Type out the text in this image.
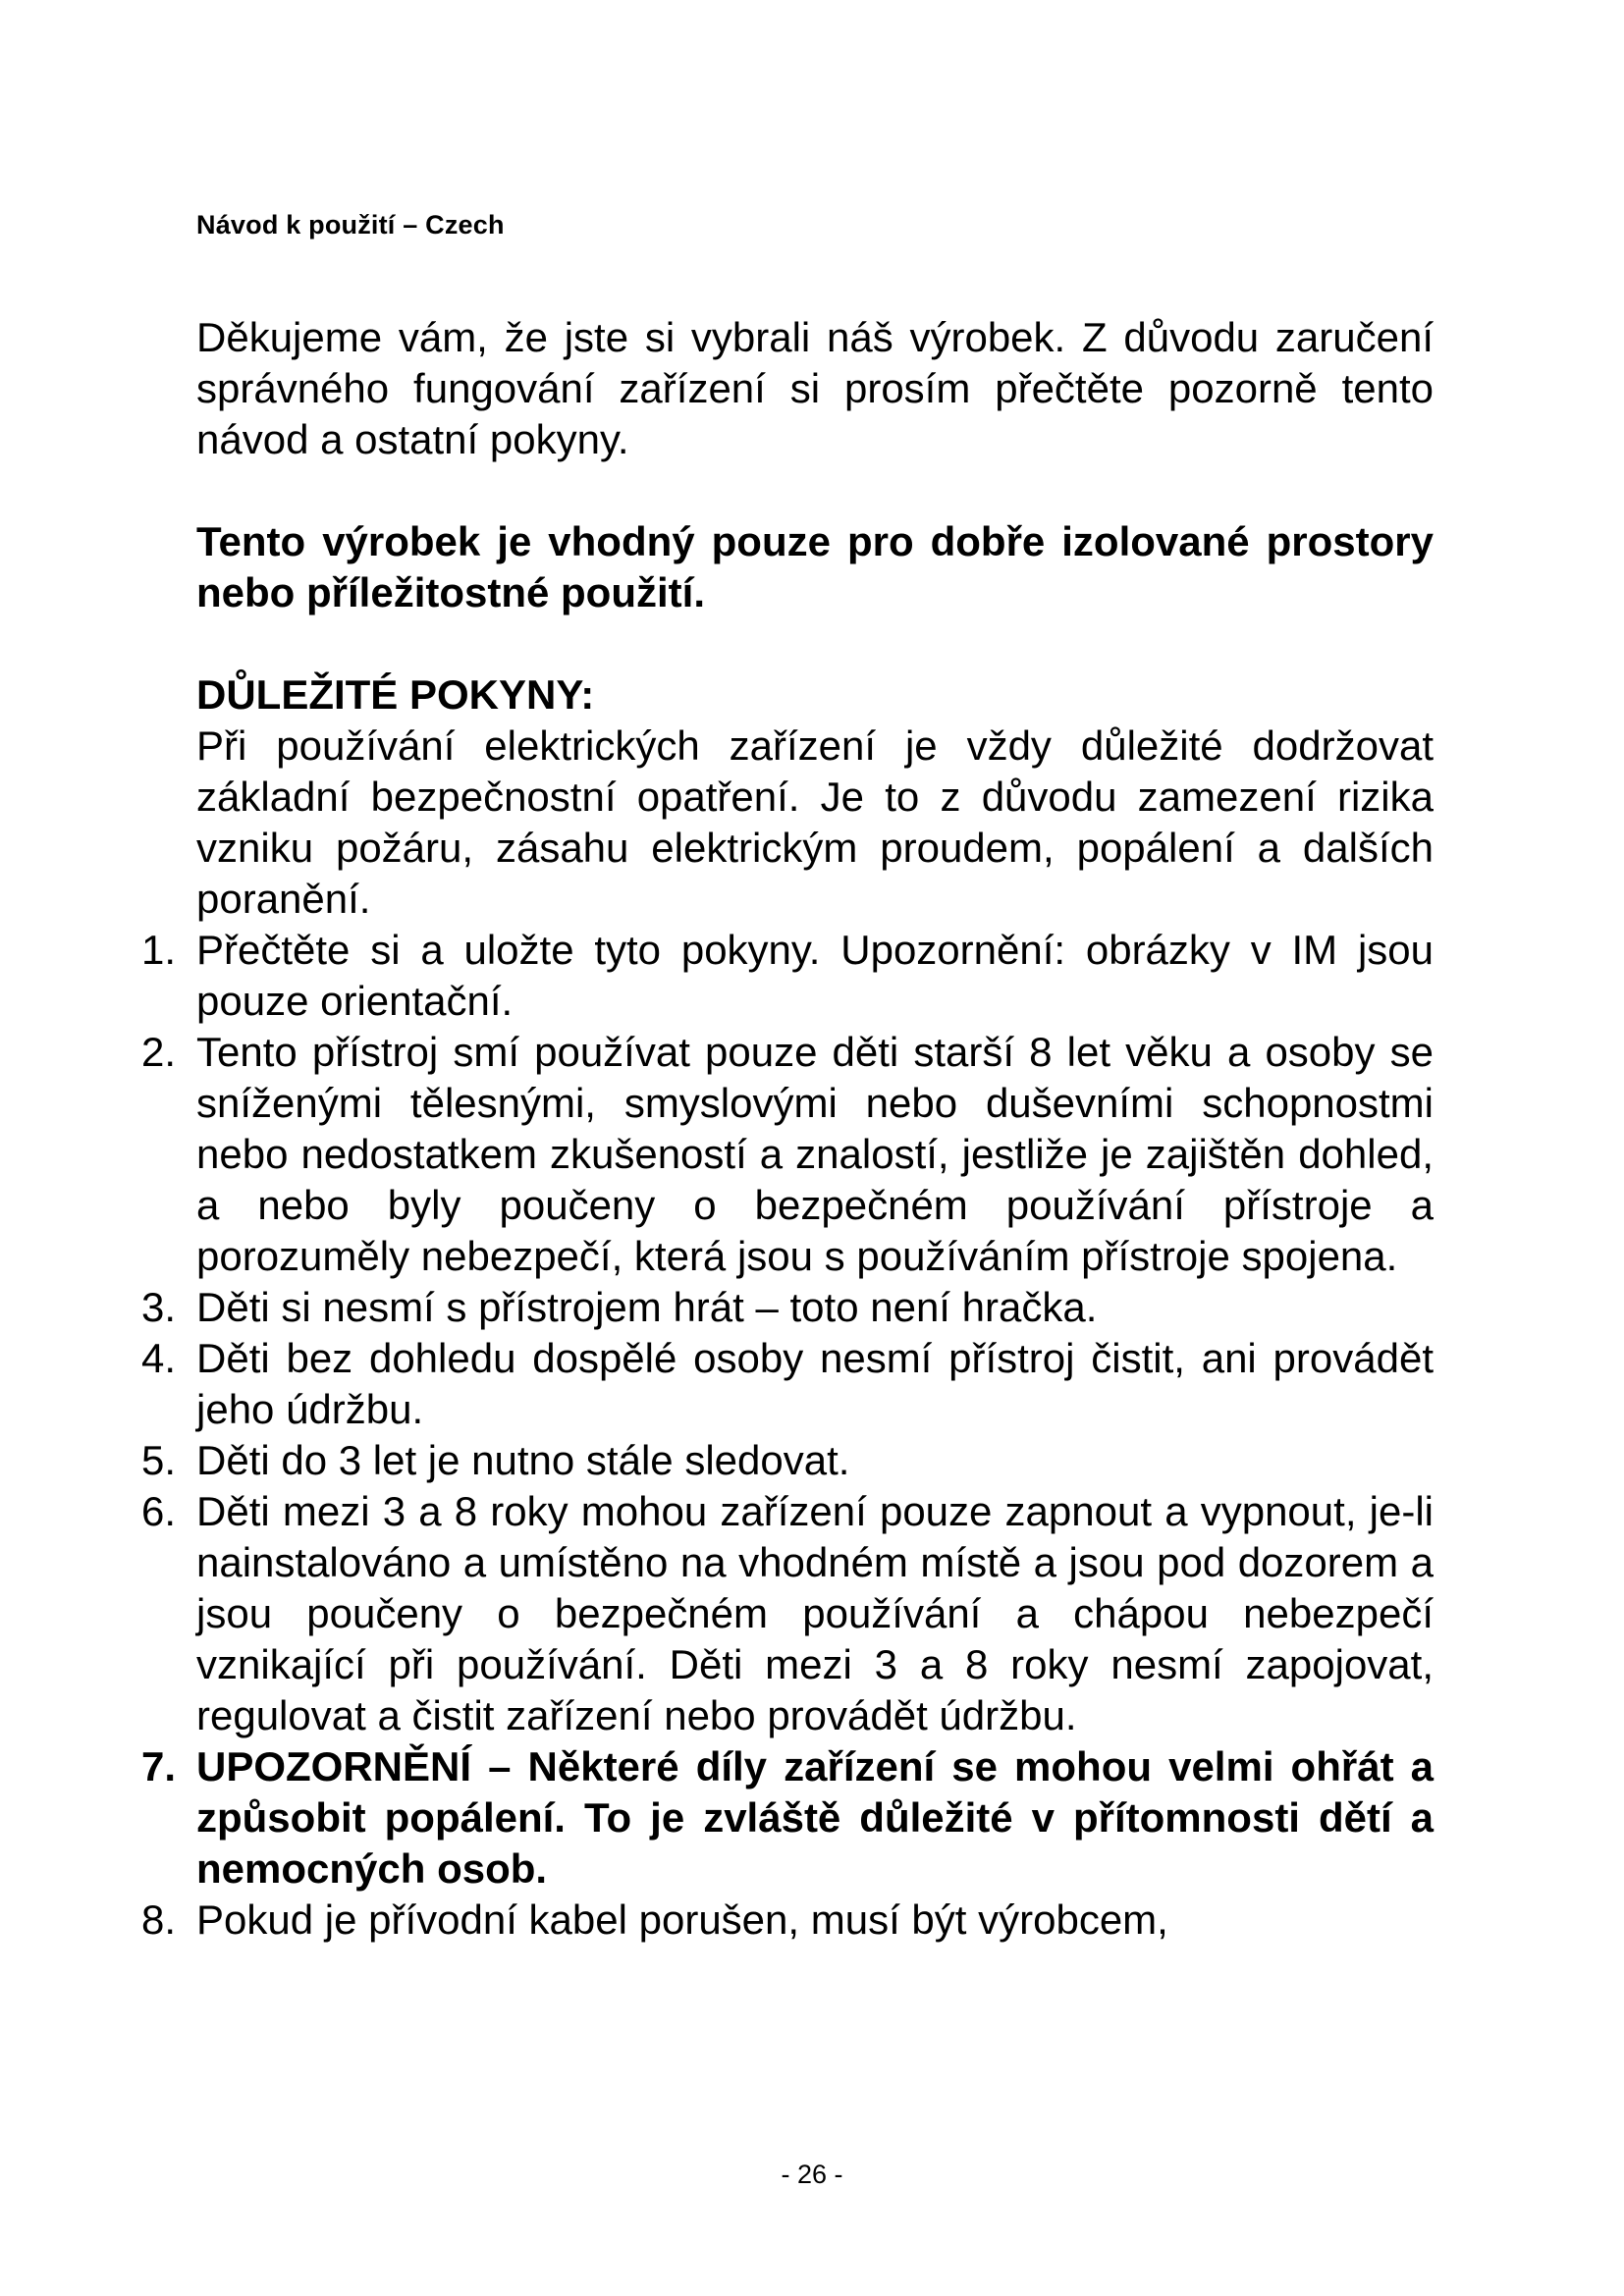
Návod k použití – Czech

Děkujeme vám, že jste si vybrali náš výrobek. Z důvodu zaručení správného fungování zařízení si prosím přečtěte pozorně tento návod a ostatní pokyny.

Tento výrobek je vhodný pouze pro dobře izolované prostory nebo příležitostné použití.

DŮLEŽITÉ POKYNY:

Při používání elektrických zařízení je vždy důležité dodržovat základní bezpečnostní opatření. Je to z důvodu zamezení rizika vzniku požáru, zásahu elektrickým proudem, popálení a dalších poranění.

1. Přečtěte si a uložte tyto pokyny. Upozornění: obrázky v IM jsou pouze orientační.
2. Tento přístroj smí používat pouze děti starší 8 let věku a osoby se sníženými tělesnými, smyslovými nebo duševními schopnostmi nebo nedostatkem zkušeností a znalostí, jestliže je zajištěn dohled, a nebo byly poučeny o bezpečném používání přístroje a porozuměly nebezpečí, která jsou s používáním přístroje spojena.
3. Děti si nesmí s přístrojem hrát – toto není hračka.
4. Děti bez dohledu dospělé osoby nesmí přístroj čistit, ani provádět jeho údržbu.
5. Děti do 3 let je nutno stále sledovat.
6. Děti mezi 3 a 8 roky mohou zařízení pouze zapnout a vypnout, je-li nainstalováno a umístěno na vhodném místě a jsou pod dozorem a jsou poučeny o bezpečném používání a chápou nebezpečí vznikající při používání. Děti mezi 3 a 8 roky nesmí zapojovat, regulovat a čistit zařízení nebo provádět údržbu.
7. UPOZORNĚNÍ – Některé díly zařízení se mohou velmi ohřát a způsobit popálení. To je zvláště důležité v přítomnosti dětí a nemocných osob.
8. Pokud je přívodní kabel porušen, musí být výrobcem,
- 26 -
